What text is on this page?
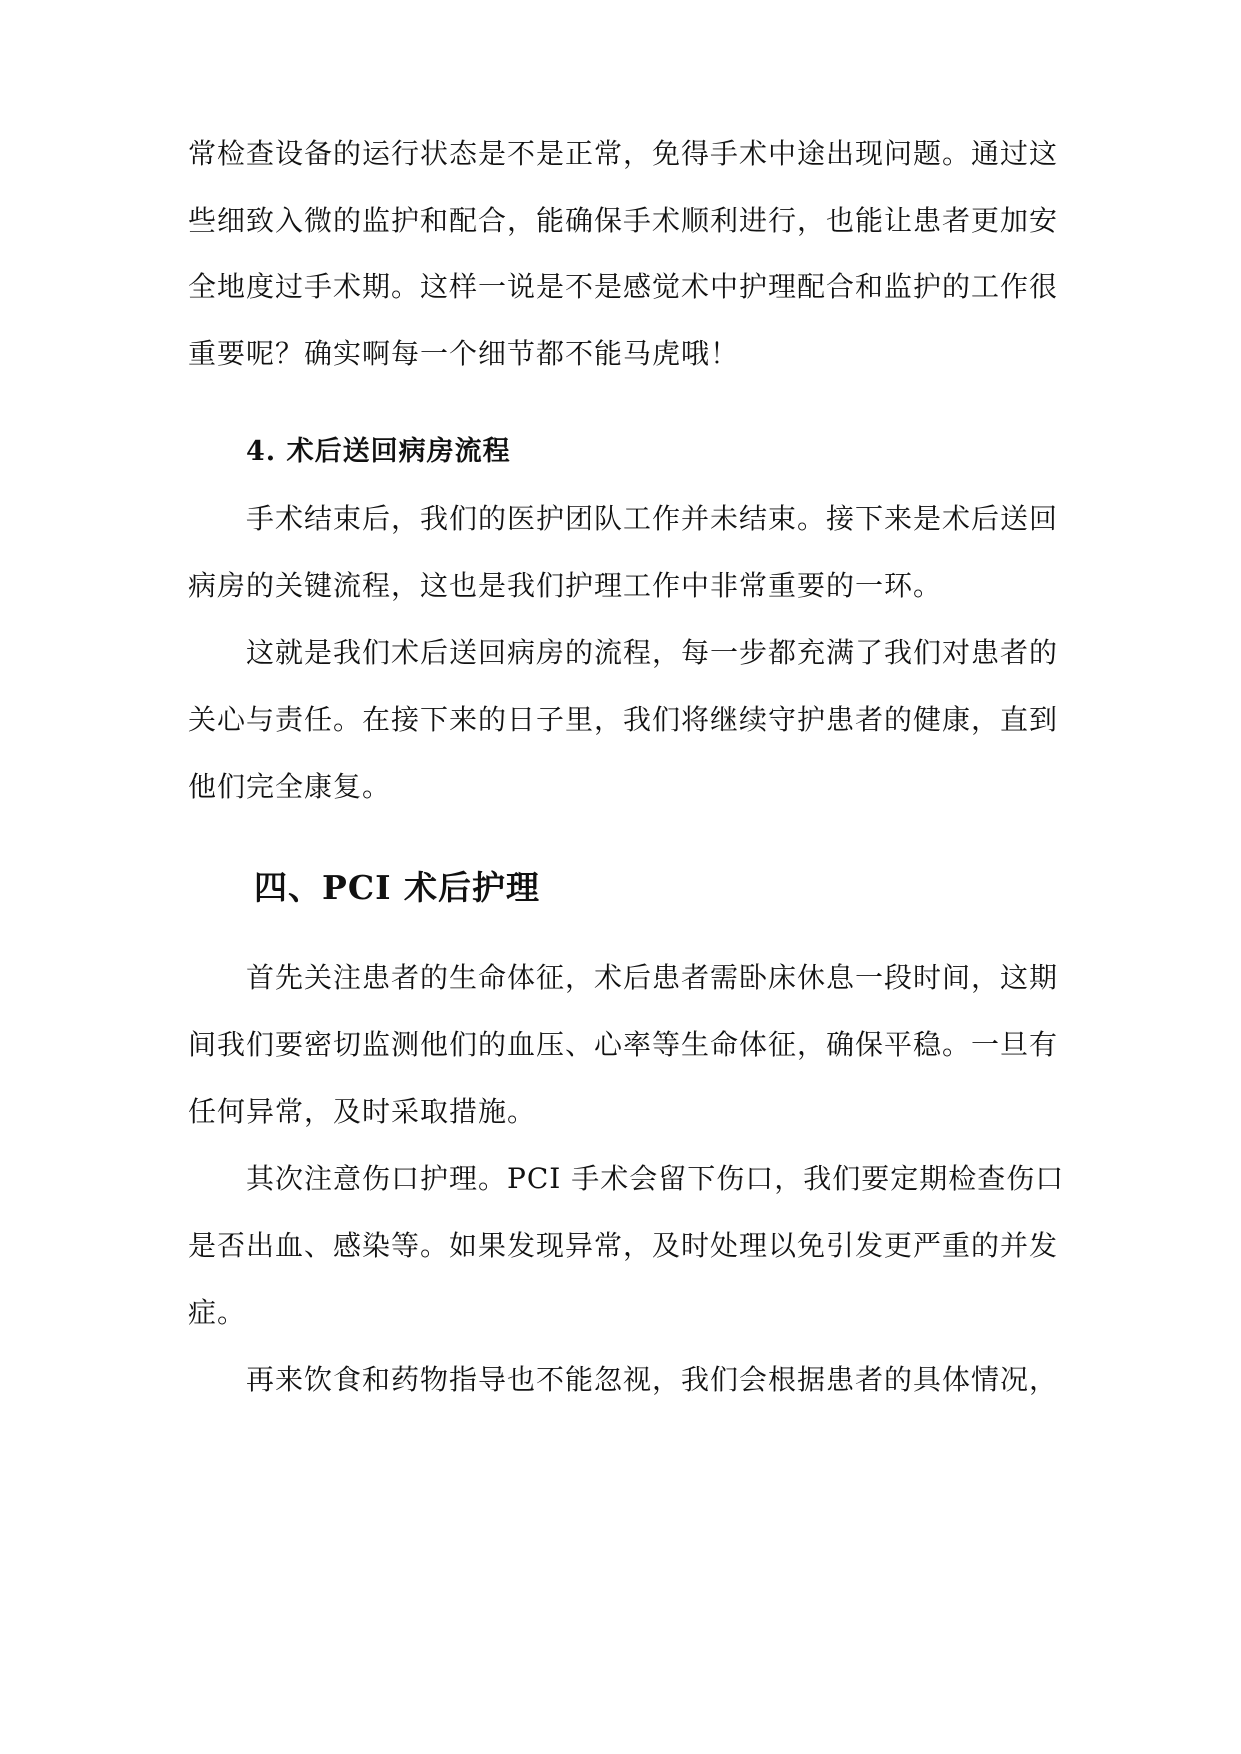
常检查设备的运行状态是不是正常，免得手术中途出现问题。通过这
些细致入微的监护和配合，能确保手术顺利进行，也能让患者更加安
全地度过手术期。这样一说是不是感觉术中护理配合和监护的工作很
重要呢？确实啊每一个细节都不能马虎哦！
4. 术后送回病房流程
手术结束后，我们的医护团队工作并未结束。接下来是术后送回
病房的关键流程，这也是我们护理工作中非常重要的一环。
这就是我们术后送回病房的流程，每一步都充满了我们对患者的
关心与责任。在接下来的日子里，我们将继续守护患者的健康，直到
他们完全康复。
四、PCI 术后护理
首先关注患者的生命体征，术后患者需卧床休息一段时间，这期
间我们要密切监测他们的血压、心率等生命体征，确保平稳。一旦有
任何异常，及时采取措施。
其次注意伤口护理。PCI 手术会留下伤口，我们要定期检查伤口
是否出血、感染等。如果发现异常，及时处理以免引发更严重的并发
症。
再来饮食和药物指导也不能忽视，我们会根据患者的具体情况，
